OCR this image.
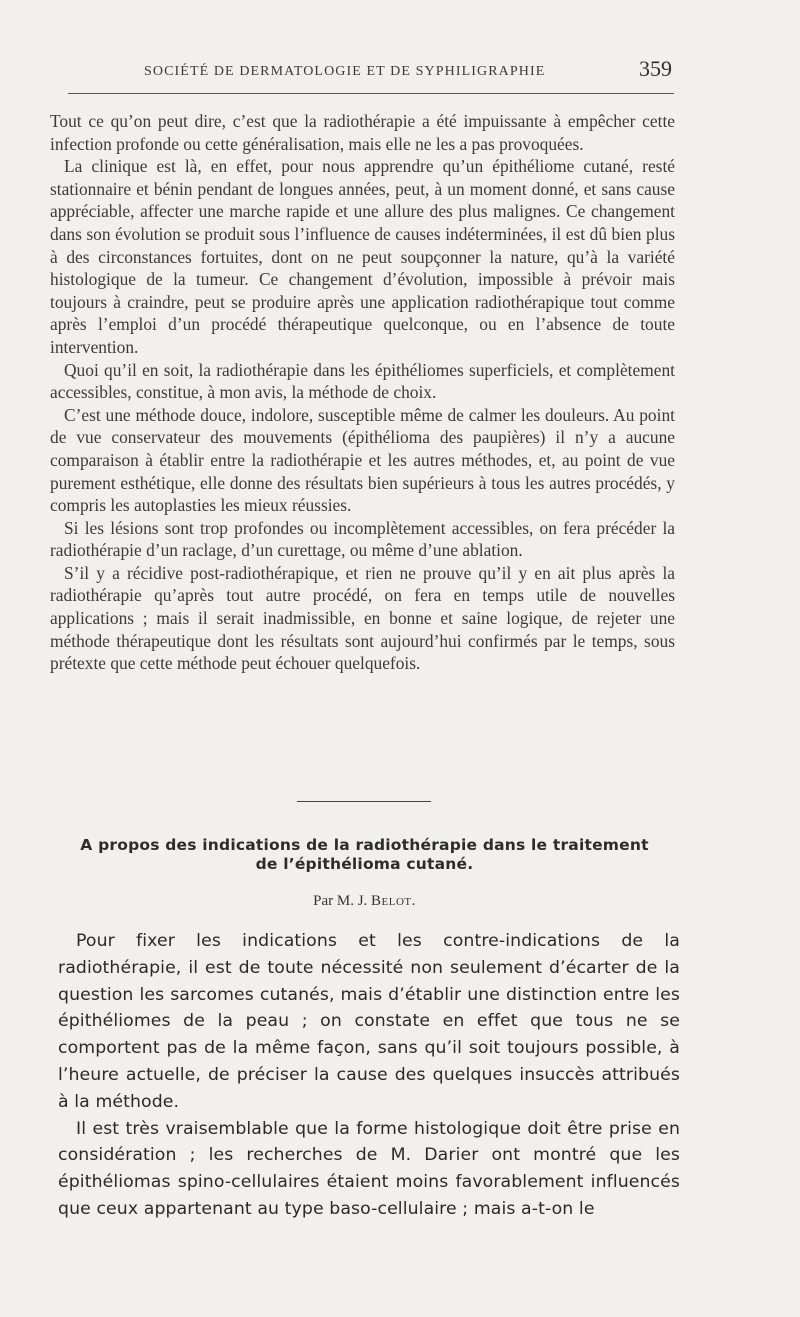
SOCIÉTÉ DE DERMATOLOGIE ET DE SYPHILIGRAPHIE	359

Tout ce qu’on peut dire, c’est que la radiothérapie a été impuissante à empêcher cette infection profonde ou cette généralisation, mais elle ne les a pas provoquées.

La clinique est là, en effet, pour nous apprendre qu’un épithéliome cutané, resté stationnaire et bénin pendant de longues années, peut, à un moment donné, et sans cause appréciable, affecter une marche rapide et une allure des plus malignes. Ce changement dans son évolution se produit sous l’influence de causes indéterminées, il est dû bien plus à des circonstances fortuites, dont on ne peut soupçonner la nature, qu’à la variété histologique de la tumeur. Ce changement d’évolution, impossible à prévoir mais toujours à craindre, peut se produire après une application radiothérapique tout comme après l’emploi d’un procédé thérapeutique quelconque, ou en l’absence de toute intervention.

Quoi qu’il en soit, la radiothérapie dans les épithéliomes superficiels, et complètement accessibles, constitue, à mon avis, la méthode de choix.

C’est une méthode douce, indolore, susceptible même de calmer les douleurs. Au point de vue conservateur des mouvements (épithélioma des paupières) il n’y a aucune comparaison à établir entre la radiothérapie et les autres méthodes, et, au point de vue purement esthétique, elle donne des résultats bien supérieurs à tous les autres procédés, y compris les autoplasties les mieux réussies.

Si les lésions sont trop profondes ou incomplètement accessibles, on fera précéder la radiothérapie d’un raclage, d’un curettage, ou même d’une ablation.

S’il y a récidive post-radiothérapique, et rien ne prouve qu’il y en ait plus après la radiothérapie qu’après tout autre procédé, on fera en temps utile de nouvelles applications ; mais il serait inadmissible, en bonne et saine logique, de rejeter une méthode thérapeutique dont les résultats sont aujourd’hui confirmés par le temps, sous prétexte que cette méthode peut échouer quelquefois.

A propos des indications de la radiothérapie dans le traitement
de l’épithélioma cutané.
Par M. J. Belot.

Pour fixer les indications et les contre-indications de la radiothérapie, il est de toute nécessité non seulement d’écarter de la question les sarcomes cutanés, mais d’établir une distinction entre les épithéliomes de la peau ; on constate en effet que tous ne se comportent pas de la même façon, sans qu’il soit toujours possible, à l’heure actuelle, de préciser la cause des quelques insuccès attribués à la méthode.

Il est très vraisemblable que la forme histologique doit être prise en considération ; les recherches de M. Darier ont montré que les épithéliomas spino-cellulaires étaient moins favorablement influencés que ceux appartenant au type baso-cellulaire ; mais a-t-on le
